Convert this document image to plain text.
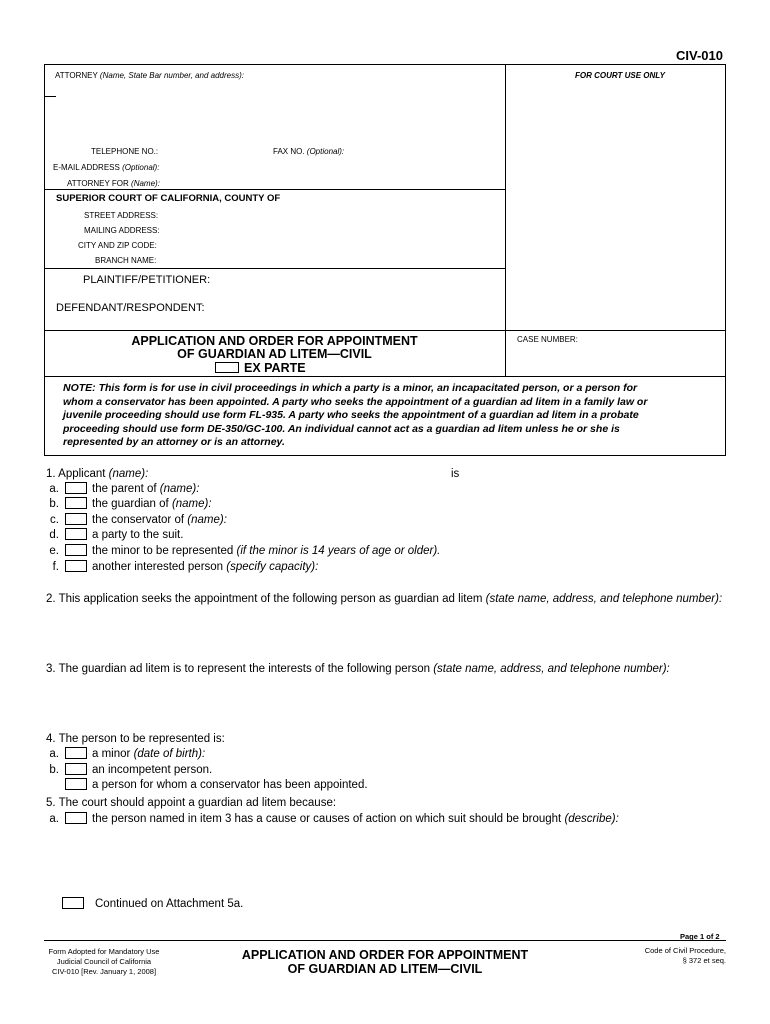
CIV-010
ATTORNEY (Name, State Bar number, and address):	FOR COURT USE ONLY
TELEPHONE NO.:	FAX NO. (Optional):
E-MAIL ADDRESS (Optional):
ATTORNEY FOR (Name):
SUPERIOR COURT OF CALIFORNIA, COUNTY OF
STREET ADDRESS:
MAILING ADDRESS:
CITY AND ZIP CODE:
BRANCH NAME:
PLAINTIFF/PETITIONER:
DEFENDANT/RESPONDENT:
APPLICATION AND ORDER FOR APPOINTMENT
OF GUARDIAN AD LITEM—CIVIL
EX PARTE
CASE NUMBER:
NOTE: This form is for use in civil proceedings in which a party is a minor, an incapacitated person, or a person for
whom a conservator has been appointed. A party who seeks the appointment of a guardian ad litem in a family law or
juvenile proceeding should use form FL-935. A party who seeks the appointment of a guardian ad litem in a probate
proceeding should use form DE-350/GC-100. An individual cannot act as a guardian ad litem unless he or she is
represented by an attorney or is an attorney.
1. Applicant (name):	is
a.	the parent of (name):
b.	the guardian of (name):
c.	the conservator of (name):
d.	a party to the suit.
e.	the minor to be represented (if the minor is 14 years of age or older).
f.	another interested person (specify capacity):
2. This application seeks the appointment of the following person as guardian ad litem (state name, address, and telephone number):
3. The guardian ad litem is to represent the interests of the following person (state name, address, and telephone number):
4. The person to be represented is:
a.	a minor (date of birth):
b.	an incompetent person.
a person for whom a conservator has been appointed.
5. The court should appoint a guardian ad litem because:
a.	the person named in item 3 has a cause or causes of action on which suit should be brought (describe):
Continued on Attachment 5a.
Page 1 of 2
Form Adopted for Mandatory Use
Judicial Council of California
CIV-010 [Rev. January 1, 2008]
APPLICATION AND ORDER FOR APPOINTMENT
OF GUARDIAN AD LITEM—CIVIL
Code of Civil Procedure,
§ 372 et seq.
